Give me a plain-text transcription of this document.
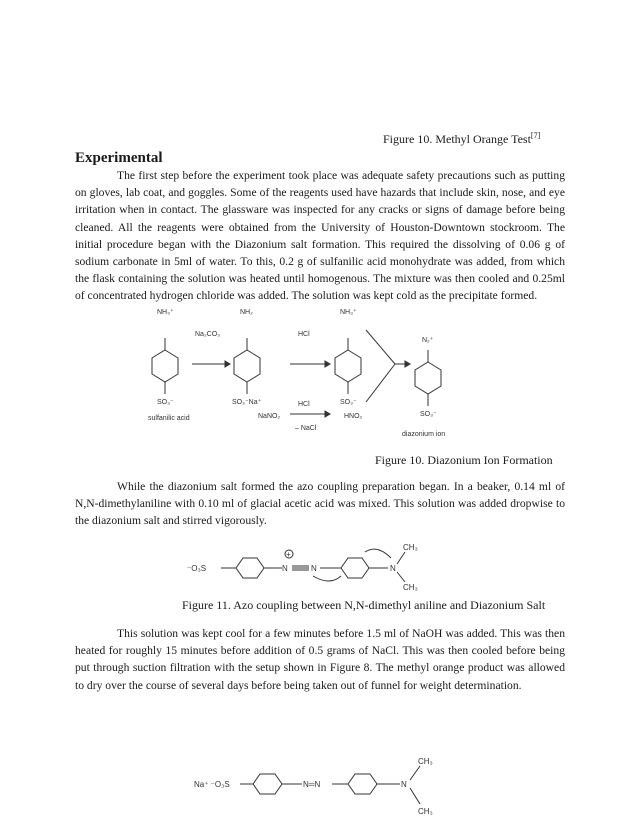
Figure 10. Methyl Orange Test[7]
Experimental

The first step before the experiment took place was adequate safety precautions such as putting on gloves, lab coat, and goggles. Some of the reagents used have hazards that include skin, nose, and eye irritation when in contact. The glassware was inspected for any cracks or signs of damage before being cleaned. All the reagents were obtained from the University of Houston-Downtown stockroom. The initial procedure began with the Diazonium salt formation. This required the dissolving of 0.06 g of sodium carbonate in 5ml of water. To this, 0.2 g of sulfanilic acid monohydrate was added, from which the flask containing the solution was heated until homogenous. The mixture was then cooled and 0.25ml of concentrated hydrogen chloride was added. The solution was kept cold as the precipitate formed.

NH₃⁺
SO₃⁻
sulfanilic acid
Na₂CO₃
NH₂
SO₃⁻Na⁺
HCl
NH₃⁺
SO₃⁻
HCl
NaNO₂
– NaCl
HNO₂
N₂⁺
SO₃⁻
diazonium ion
Figure 10. Diazonium Ion Formation

While the diazonium salt formed the azo coupling preparation began. In a beaker, 0.14 ml of N,N-dimethylaniline with 0.10 ml of glacial acetic acid was mixed. This solution was added dropwise to the diazonium salt and stirred vigorously.

⁻O₃S	N
+
N	N
CH₃
CH₃
Figure 11. Azo coupling between N,N-dimethyl aniline and Diazonium Salt

This solution was kept cool for a few minutes before 1.5 ml of NaOH was added. This was then heated for roughly 15 minutes before addition of 0.5 grams of NaCl. This was then cooled before being put through suction filtration with the setup shown in Figure 8. The methyl orange product was allowed to dry over the course of several days before being taken out of funnel for weight determination.

Na⁺ ⁻O₃S	N═N	N
CH₃
CH₃
